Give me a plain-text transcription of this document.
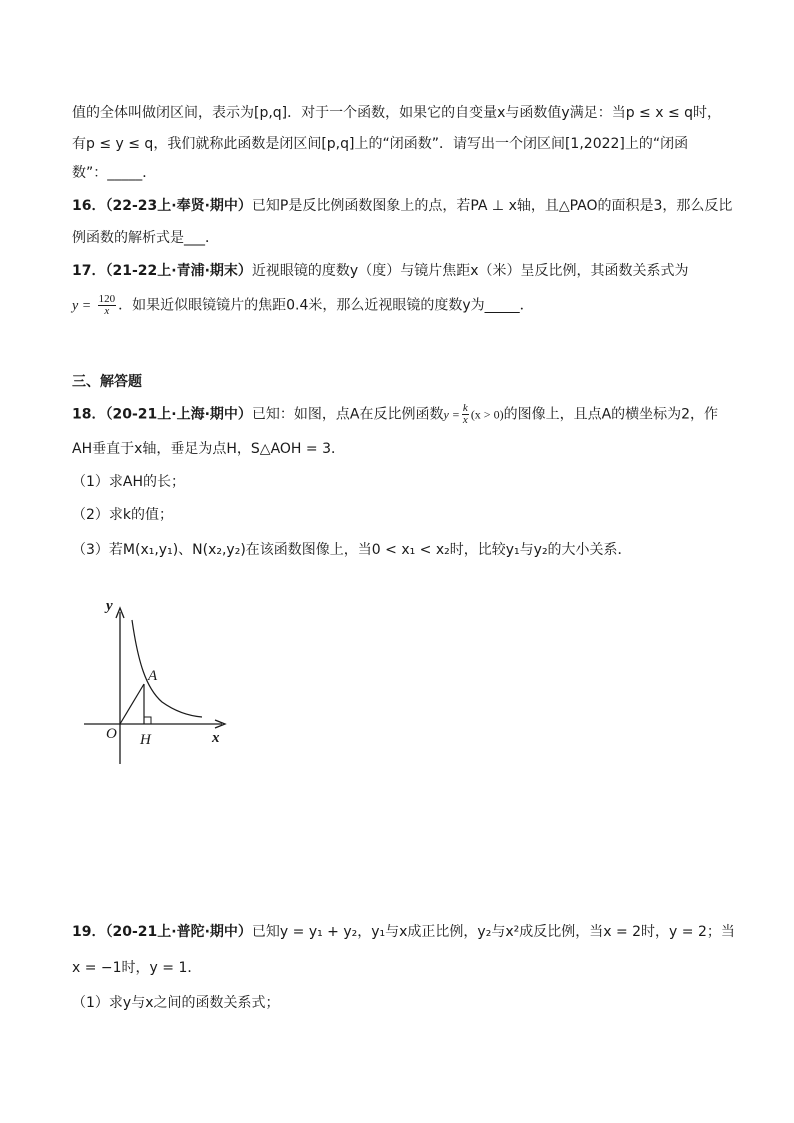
值的全体叫做闭区间，表示为[p,q]．对于一个函数，如果它的自变量x与函数值y满足：当p ≤ x ≤ q时，
有p ≤ y ≤ q，我们就称此函数是闭区间[p,q]上的“闭函数”．请写出一个闭区间[1,2022]上的“闭函
数”：_____．
16．（22-23上·奉贤·期中）已知P是反比例函数图象上的点，若PA ⊥ x轴，且△PAO的面积是3，那么反比
例函数的解析式是___．
17．（21-22上·青浦·期末）近视眼镜的度数y（度）与镜片焦距x（米）呈反比例，其函数关系式为
$y = \frac{120}{x}$ ．如果近似眼镜镜片的焦距0.4米，那么近视眼镜的度数y为_____．
三、解答题
18．（20-21上·上海·期中）已知：如图，点A在反比例函数$y = \frac{k}{x} (x > 0)$的图像上，且点A的横坐标为2，作
AH垂直于x轴，垂足为点H，S△AOH = 3．
（1）求AH的长；
（2）求k的值；
（3）若M(x₁,y₁)、N(x₂,y₂)在该函数图像上，当0 < x₁ < x₂时，比较y₁与y₂的大小关系．
y
x
O
A
H
19．（20-21上·普陀·期中）已知y = y₁ + y₂，y₁与x成正比例，y₂与x²成反比例，当x = 2时，y = 2；当
x = −1时，y = 1．
（1）求y与x之间的函数关系式；
